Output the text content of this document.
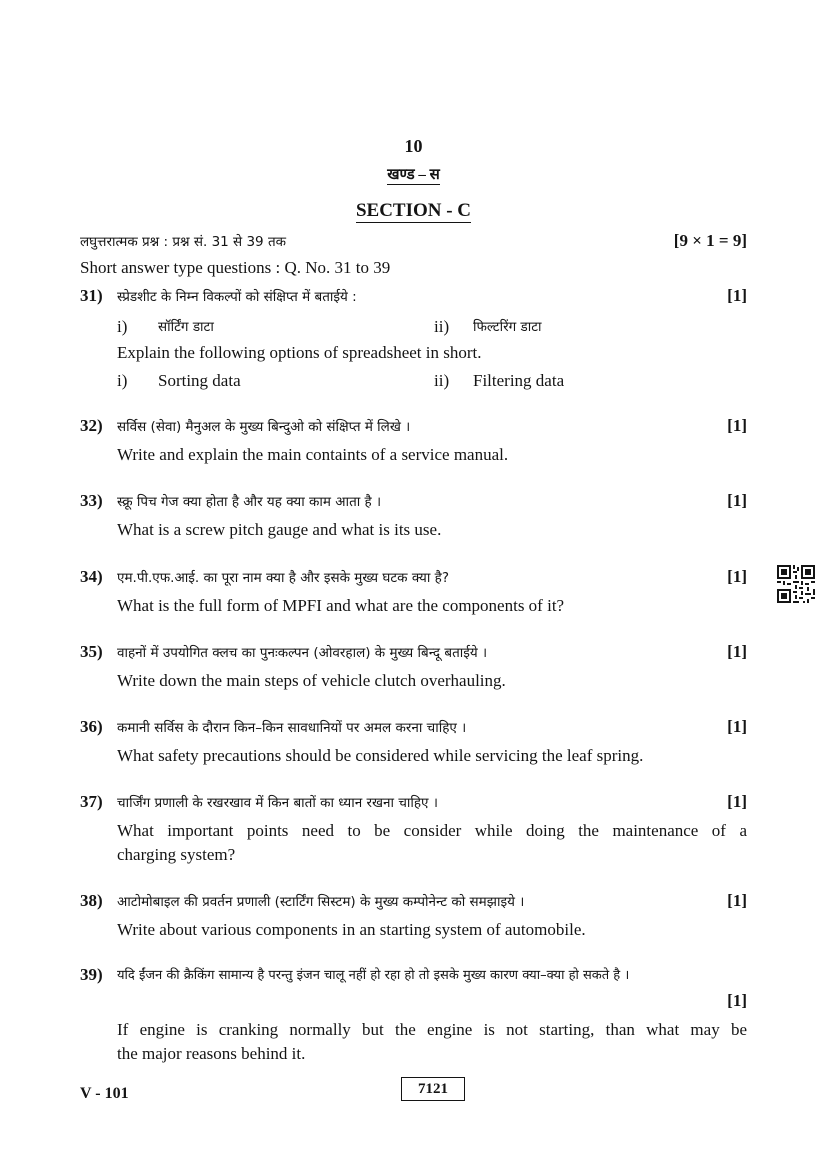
10
खण्ड – स
SECTION - C
लघुत्तरात्मक प्रश्न : प्रश्न सं. 31 से 39 तक	[9 × 1 = 9]
Short answer type questions : Q. No. 31 to 39
31) स्प्रेडशीट के निम्न विकल्पों को संक्षिप्त में बताईये :	[1]
i) सॉर्टिंग डाटा	ii) फिल्टरिंग डाटा
Explain the following options of spreadsheet in short.
i) Sorting data	ii) Filtering data
32) सर्विस (सेवा) मैनुअल के मुख्य बिन्दुओ को संक्षिप्त में लिखे ।	[1]
Write and explain the main containts of a service manual.
33) स्क्रू पिच गेज क्या होता है और यह क्या काम आता है ।	[1]
What is a screw pitch gauge and what is its use.
34) एम.पी.एफ.आई. का पूरा नाम क्या है और इसके मुख्य घटक क्या है?	[1]
What is the full form of MPFI and what are the components of it?
35) वाहनों में उपयोगित क्लच का पुनःकल्पन (ओवरहाल) के मुख्य बिन्दू बताईये ।	[1]
Write down the main steps of vehicle clutch overhauling.
36) कमानी सर्विस के दौरान किन–किन सावधानियों पर अमल करना चाहिए ।	[1]
What safety precautions should be considered while servicing the leaf spring.
37) चार्जिंग प्रणाली के रखरखाव में किन बातों का ध्यान रखना चाहिए ।	[1]
What important points need to be consider while doing the maintenance of a
charging system?
38) आटोमोबाइल की प्रवर्तन प्रणाली (स्टार्टिंग सिस्टम) के मुख्य कम्पोनेन्ट को समझाइये ।	[1]
Write about various components in an starting system of automobile.
39) यदि ईंजन की क्रैकिंग सामान्य है परन्तु इंजन चालू नहीं हो रहा हो तो इसके मुख्य कारण क्या–क्या हो सकते है ।
[1]
If engine is cranking normally but the engine is not starting, than what may be
the major reasons behind it.
V - 101	7121
